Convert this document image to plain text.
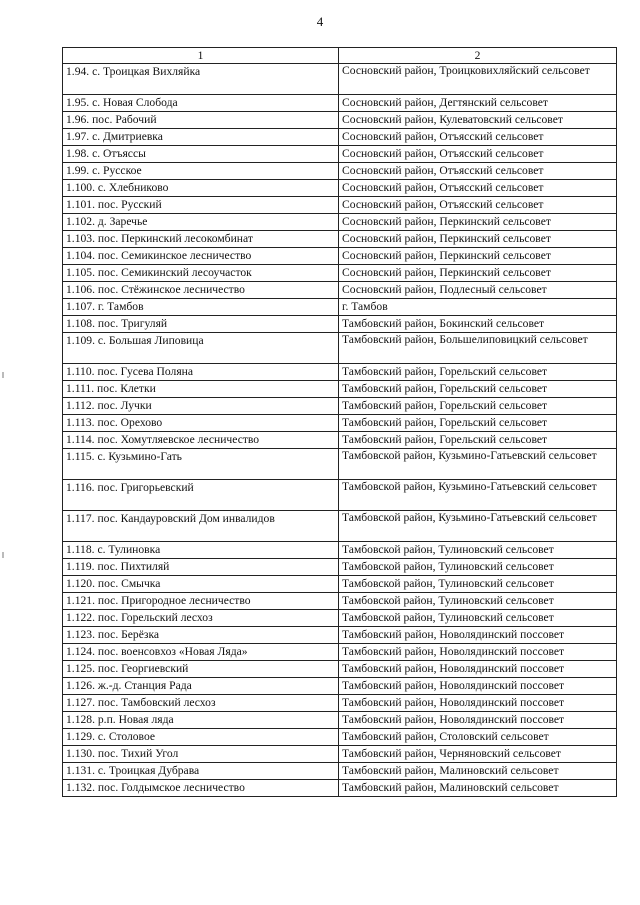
4
1	2
1.94. с. Троицкая Вихляйка	Сосновский район, Троицковихляйский сельсовет
1.95. с. Новая Слобода	Сосновский район, Дегтянский сельсовет
1.96. пос. Рабочий	Сосновский район, Кулеватовский сельсовет
1.97. с. Дмитриевка	Сосновский район, Отъясский сельсовет
1.98. с. Отъяссы	Сосновский район, Отъясский сельсовет
1.99. с. Русское	Сосновский район, Отъясский сельсовет
1.100. с. Хлебниково	Сосновский район, Отъясский сельсовет
1.101. пос. Русский	Сосновский район, Отъясский сельсовет
1.102. д. Заречье	Сосновский район, Перкинский сельсовет
1.103. пос. Перкинский лесокомбинат	Сосновский район, Перкинский сельсовет
1.104. пос. Семикинское лесничество	Сосновский район, Перкинский сельсовет
1.105. пос. Семикинский лесоучасток	Сосновский район, Перкинский сельсовет
1.106. пос. Стёжинское лесничество	Сосновский район, Подлесный сельсовет
1.107. г. Тамбов	г. Тамбов
1.108. пос. Тригуляй	Тамбовский район, Бокинский сельсовет
1.109. с. Большая Липовица	Тамбовский район, Большелиповицкий сельсовет
1.110. пос. Гусева Поляна	Тамбовский район, Горельский сельсовет
1.111. пос. Клетки	Тамбовский район, Горельский сельсовет
1.112. пос. Лучки	Тамбовский район, Горельский сельсовет
1.113. пос. Орехово	Тамбовский район, Горельский сельсовет
1.114. пос. Хомутляевское лесничество	Тамбовский район, Горельский сельсовет
1.115. с. Кузьмино-Гать	Тамбовской район, Кузьмино-Гатьевский сельсовет
1.116. пос. Григорьевский	Тамбовской район, Кузьмино-Гатьевский сельсовет
1.117. пос. Кандауровский Дом инвалидов	Тамбовской район, Кузьмино-Гатьевский сельсовет
1.118. с. Тулиновка	Тамбовской район, Тулиновский сельсовет
1.119. пос. Пихтиляй	Тамбовской район, Тулиновский сельсовет
1.120. пос. Смычка	Тамбовской район, Тулиновский сельсовет
1.121. пос. Пригородное лесничество	Тамбовской район, Тулиновский сельсовет
1.122. пос. Горельский лесхоз	Тамбовской район, Тулиновский сельсовет
1.123. пос. Берёзка	Тамбовский район, Новолядинский поссовет
1.124. пос. военсовхоз «Новая Ляда»	Тамбовский район, Новолядинский поссовет
1.125. пос. Георгиевский	Тамбовский район, Новолядинский поссовет
1.126. ж.-д. Станция Рада	Тамбовский район, Новолядинский поссовет
1.127. пос. Тамбовский лесхоз	Тамбовский район, Новолядинский поссовет
1.128. р.п. Новая ляда	Тамбовский район, Новолядинский поссовет
1.129. с. Столовое	Тамбовский район, Столовский сельсовет
1.130. пос. Тихий Угол	Тамбовский район, Черняновский сельсовет
1.131. с. Троицкая Дубрава	Тамбовский район, Малиновский сельсовет
1.132. пос. Голдымское лесничество	Тамбовский район, Малиновский сельсовет
